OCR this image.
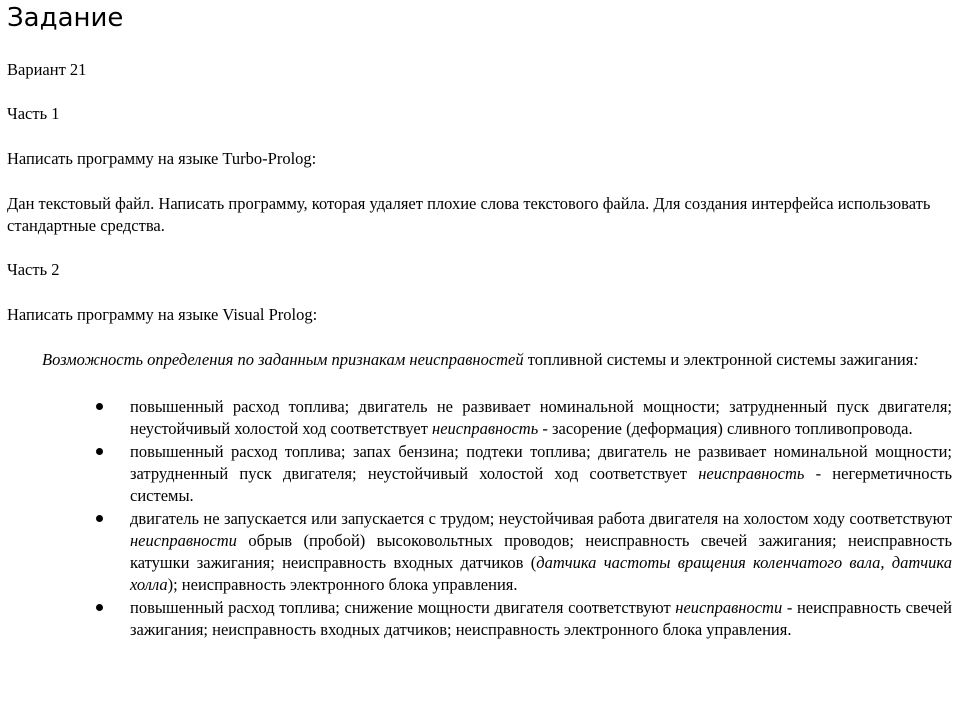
Задание

Вариант 21

Часть 1

Написать программу на языке Turbo-Prolog:

Дан текстовый файл. Написать программу, которая удаляет плохие слова текстового файла. Для создания интерфейса использовать стандартные средства.

Часть 2

Написать программу на языке Visual Prolog:

Возможность определения по заданным признакам неисправностей топливной системы и электронной системы зажигания:

повышенный расход топлива; двигатель не развивает номинальной мощности; затрудненный пуск двигателя; неустойчивый холостой ход соответствует неисправность - засорение (деформация) сливного топливопровода.
повышенный расход топлива; запах бензина; подтеки топлива; двигатель не развивает номинальной мощности; затрудненный пуск двигателя; неустойчивый холостой ход соответствует неисправность - негерметичность системы.
двигатель не запускается или запускается с трудом; неустойчивая работа двигателя на холостом ходу соответствуют неисправности обрыв (пробой) высоковольтных проводов; неисправность свечей зажигания; неисправность катушки зажигания; неисправность входных датчиков (датчика частоты вращения коленчатого вала, датчика холла); неисправность электронного блока управления.
повышенный расход топлива; снижение мощности двигателя соответствуют неисправности - неисправность свечей зажигания; неисправность входных датчиков; неисправность электронного блока управления.
